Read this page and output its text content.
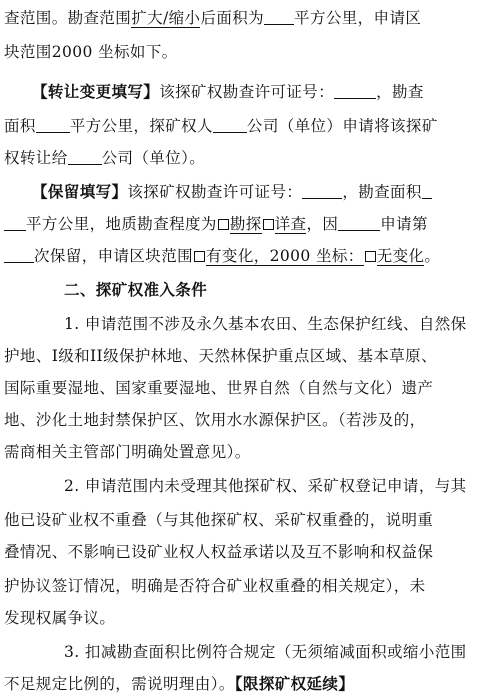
查范围。勘查范围扩大/缩小后面积为 平方公里，申请区
块范围2000 坐标如下。
【转让变更填写】该探矿权勘查许可证号：	，勘查
面积 平方公里，探矿权人 公司（单位）申请将该探矿
权转让给 公司（单位）。
【保留填写】该探矿权勘查许可证号：	，勘查面积
平方公里，地质勘查程度为 勘探 详查，因	申请第
次保留，申请区块范围 有变化，2000 坐标： 无变化。
二、探矿权准入条件
1. 申请范围不涉及永久基本农田、生态保护红线、自然保
护地、I级和II级保护林地、天然林保护重点区域、基本草原、
国际重要湿地、国家重要湿地、世界自然（自然与文化）遗产
地、沙化土地封禁保护区、饮用水水源保护区。（若涉及的，
需商相关主管部门明确处置意见）。
2. 申请范围内未受理其他探矿权、采矿权登记申请，与其
他已设矿业权不重叠（与其他探矿权、采矿权重叠的，说明重
叠情况、不影响已设矿业权人权益承诺以及互不影响和权益保
护协议签订情况，明确是否符合矿业权重叠的相关规定），未
发现权属争议。
3. 扣减勘查面积比例符合规定（无须缩减面积或缩小范围
不足规定比例的，需说明理由）。【限探矿权延续】
